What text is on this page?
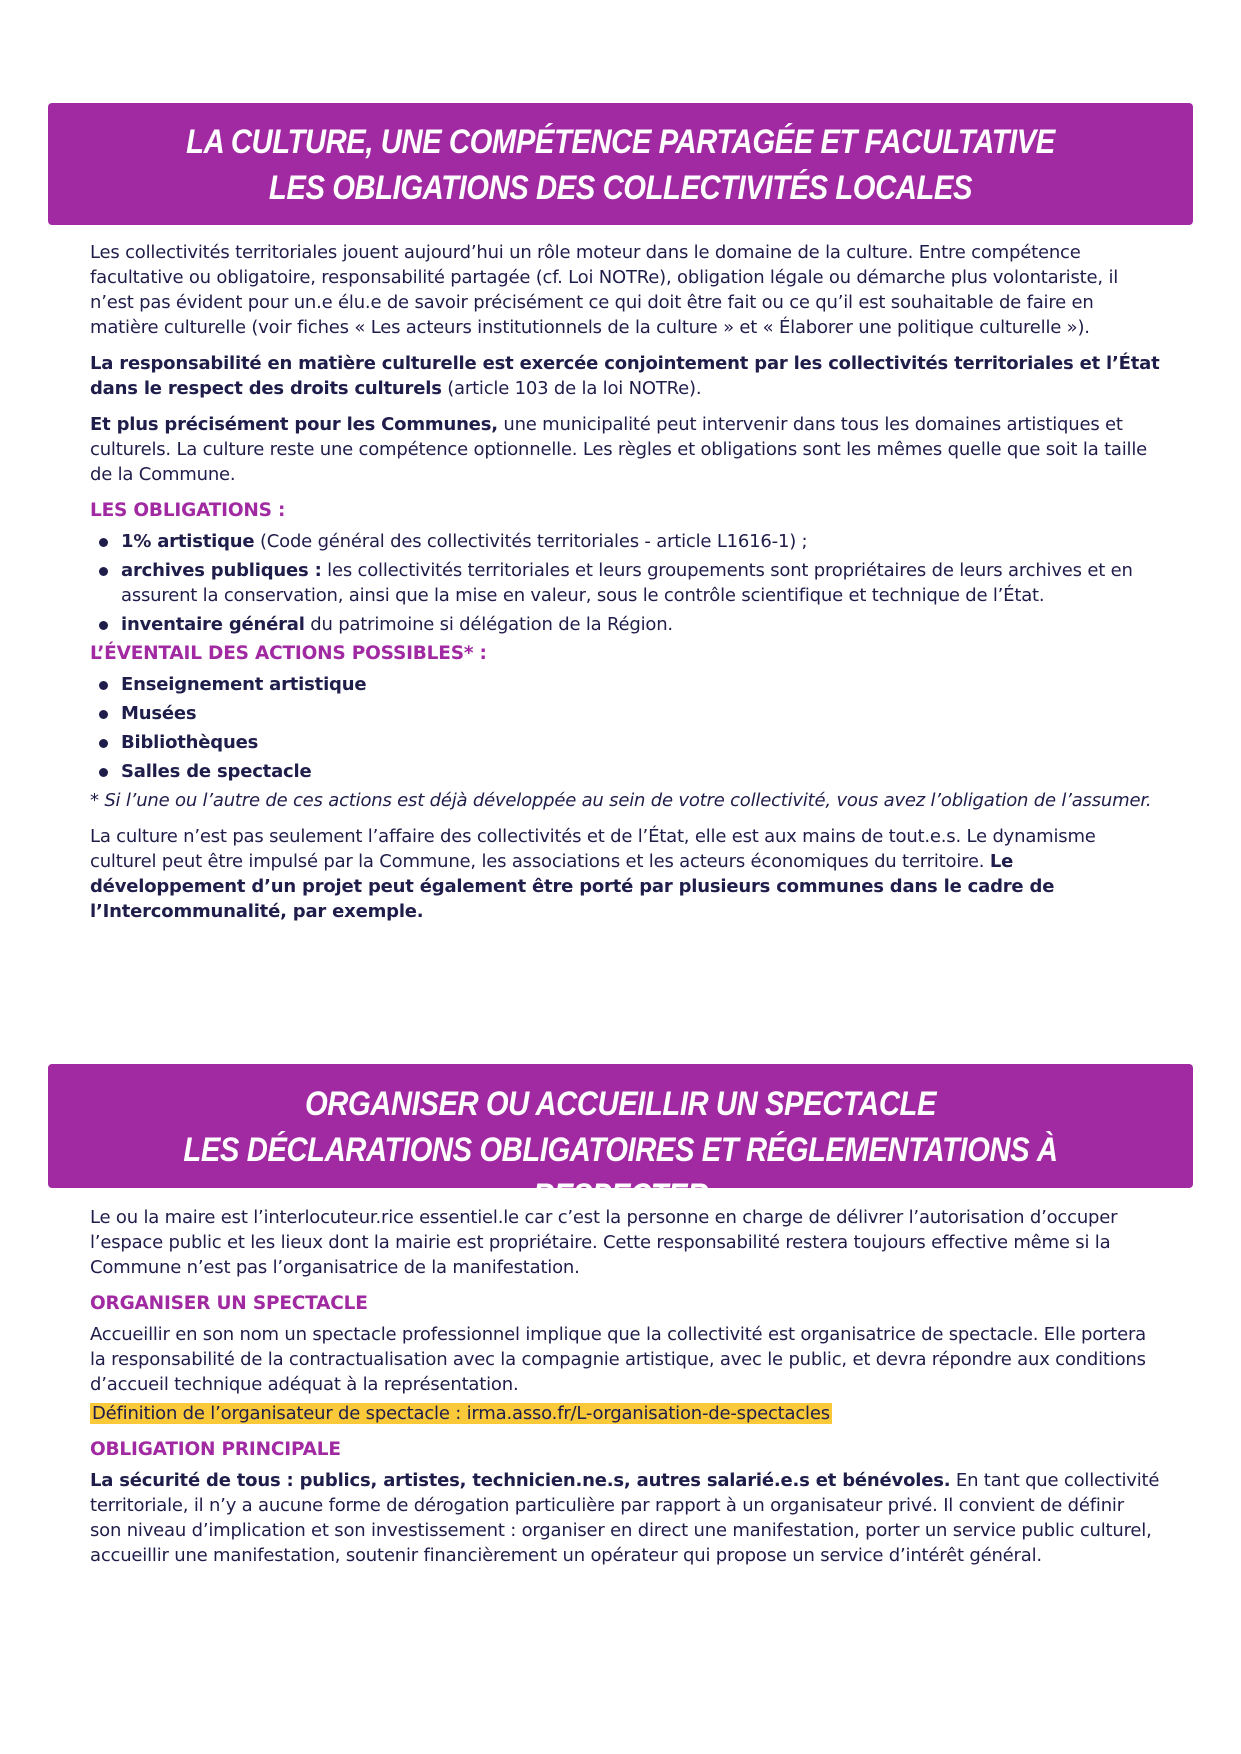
LA CULTURE, UNE COMPÉTENCE PARTAGÉE ET FACULTATIVE
LES OBLIGATIONS DES COLLECTIVITÉS LOCALES

Les collectivités territoriales jouent aujourd’hui un rôle moteur dans le domaine de la culture. Entre compétence facultative ou obligatoire, responsabilité partagée (cf. Loi NOTRe), obligation légale ou démarche plus volontariste, il n’est pas évident pour un.e élu.e de savoir précisément ce qui doit être fait ou ce qu’il est souhaitable de faire en matière culturelle (voir fiches « Les acteurs institutionnels de la culture » et « Élaborer une politique culturelle »).

La responsabilité en matière culturelle est exercée conjointement par les collectivités territoriales et l’État dans le respect des droits culturels (article 103 de la loi NOTRe).

Et plus précisément pour les Communes, une municipalité peut intervenir dans tous les domaines artistiques et culturels. La culture reste une compétence optionnelle. Les règles et obligations sont les mêmes quelle que soit la taille de la Commune.

LES OBLIGATIONS :
1% artistique (Code général des collectivités territoriales - article L1616-1) ;
archives publiques : les collectivités territoriales et leurs groupements sont propriétaires de leurs archives et en assurent la conservation, ainsi que la mise en valeur, sous le contrôle scientifique et technique de l’État.
inventaire général du patrimoine si délégation de la Région.
L’ÉVENTAIL DES ACTIONS POSSIBLES* :
Enseignement artistique
Musées
Bibliothèques
Salles de spectacle

* Si l’une ou l’autre de ces actions est déjà développée au sein de votre collectivité, vous avez l’obligation de l’assumer.

La culture n’est pas seulement l’affaire des collectivités et de l’État, elle est aux mains de tout.e.s. Le dynamisme culturel peut être impulsé par la Commune, les associations et les acteurs économiques du territoire. Le développement d’un projet peut également être porté par plusieurs communes dans le cadre de l’Intercommunalité, par exemple.

ORGANISER OU ACCUEILLIR UN SPECTACLE
LES DÉCLARATIONS OBLIGATOIRES ET RÉGLEMENTATIONS À RESPECTER

Le ou la maire est l’interlocuteur.rice essentiel.le car c’est la personne en charge de délivrer l’autorisation d’occuper l’espace public et les lieux dont la mairie est propriétaire. Cette responsabilité restera toujours effective même si la Commune n’est pas l’organisatrice de la manifestation.

ORGANISER UN SPECTACLE

Accueillir en son nom un spectacle professionnel implique que la collectivité est organisatrice de spectacle. Elle portera la responsabilité de la contractualisation avec la compagnie artistique, avec le public, et devra répondre aux conditions d’accueil technique adéquat à la représentation.

Définition de l’organisateur de spectacle : irma.asso.fr/L-organisation-de-spectacles

OBLIGATION PRINCIPALE

La sécurité de tous : publics, artistes, technicien.ne.s, autres salarié.e.s et bénévoles. En tant que collectivité territoriale, il n’y a aucune forme de dérogation particulière par rapport à un organisateur privé. Il convient de définir son niveau d’implication et son investissement : organiser en direct une manifestation, porter un service public culturel, accueillir une manifestation, soutenir financièrement un opérateur qui propose un service d’intérêt général.
